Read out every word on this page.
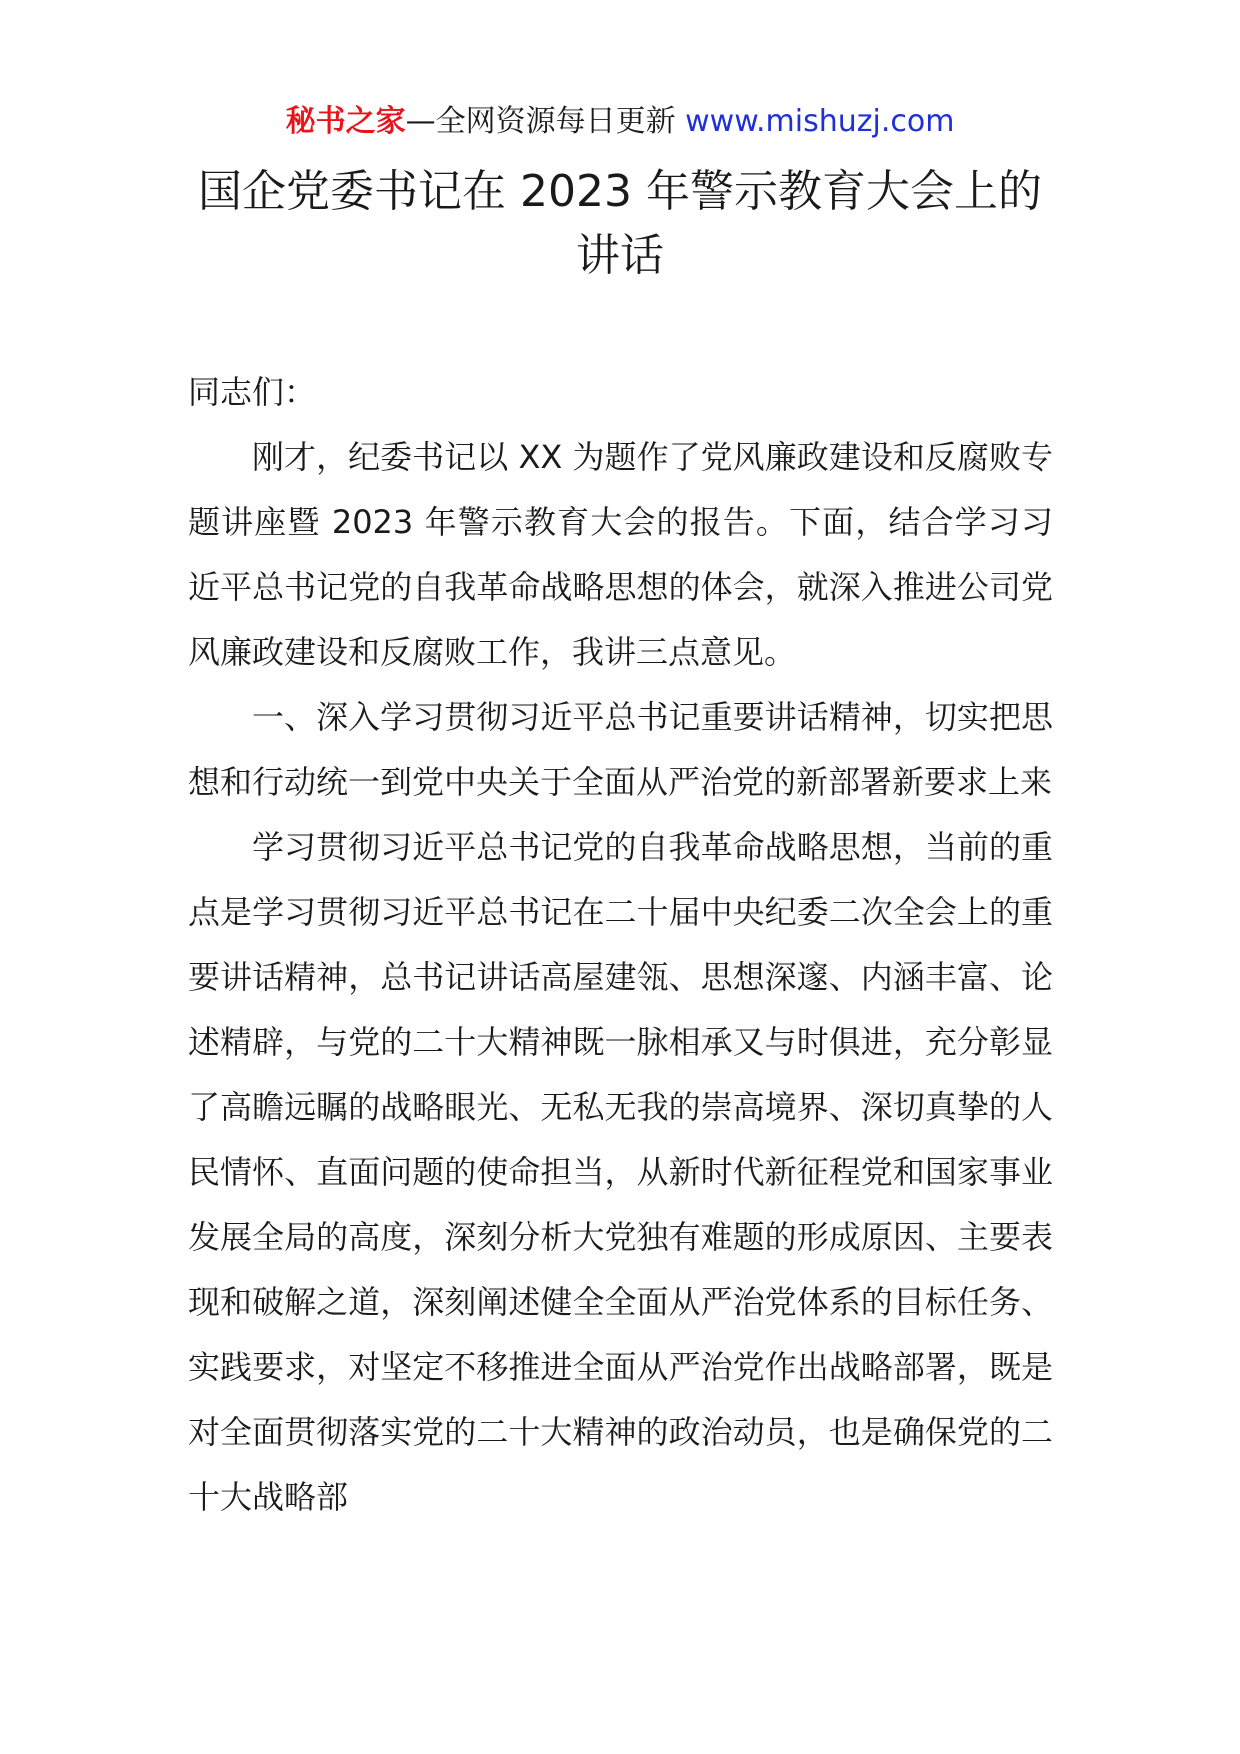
秘书之家—全网资源每日更新 www.mishuzj.com
国企党委书记在 2023 年警示教育大会上的讲话

同志们：

刚才，纪委书记以 XX 为题作了党风廉政建设和反腐败专题讲座暨 2023 年警示教育大会的报告。下面，结合学习习近平总书记党的自我革命战略思想的体会，就深入推进公司党风廉政建设和反腐败工作，我讲三点意见。

一、深入学习贯彻习近平总书记重要讲话精神，切实把思想和行动统一到党中央关于全面从严治党的新部署新要求上来

学习贯彻习近平总书记党的自我革命战略思想，当前的重点是学习贯彻习近平总书记在二十届中央纪委二次全会上的重要讲话精神，总书记讲话高屋建瓴、思想深邃、内涵丰富、论述精辟，与党的二十大精神既一脉相承又与时俱进，充分彰显了高瞻远瞩的战略眼光、无私无我的崇高境界、深切真挚的人民情怀、直面问题的使命担当，从新时代新征程党和国家事业发展全局的高度，深刻分析大党独有难题的形成原因、主要表现和破解之道，深刻阐述健全全面从严治党体系的目标任务、实践要求，对坚定不移推进全面从严治党作出战略部署，既是对全面贯彻落实党的二十大精神的政治动员，也是确保党的二十大战略部
